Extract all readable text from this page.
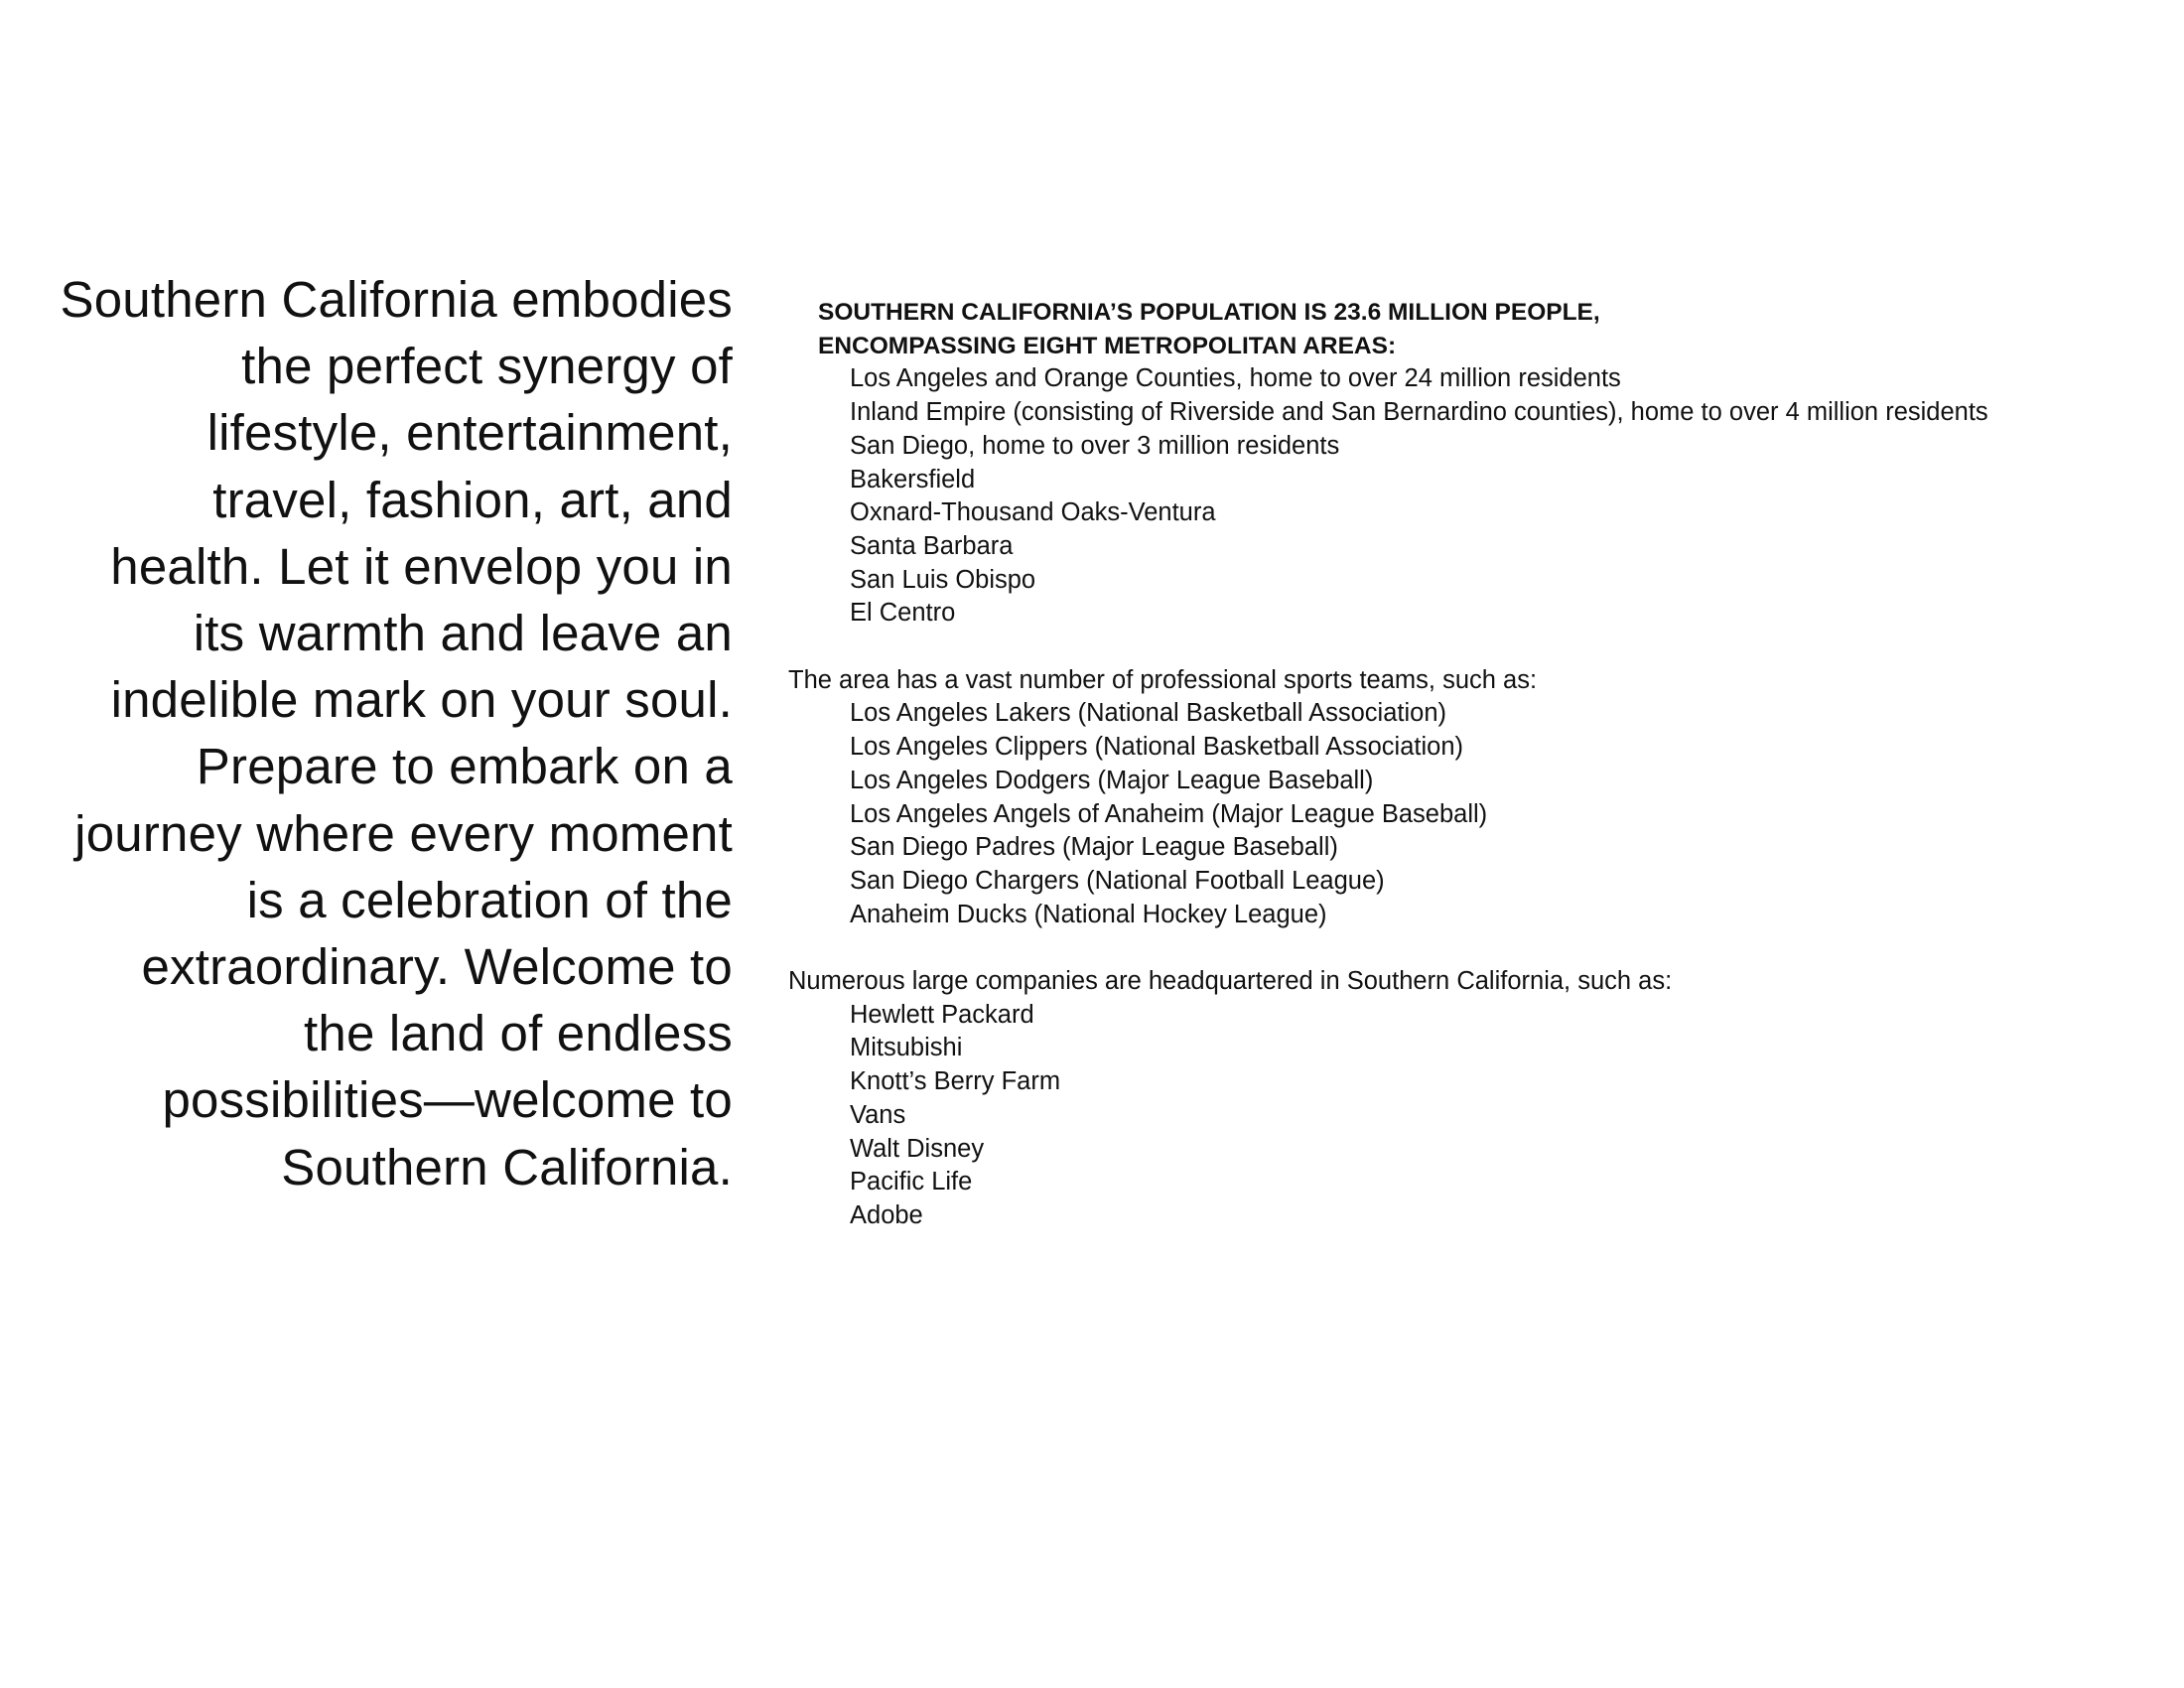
Southern California embodies the perfect synergy of lifestyle, entertainment, travel, fashion, art, and health. Let it envelop you in its warmth and leave an indelible mark on your soul. Prepare to embark on a journey where every moment is a celebration of the extraordinary. Welcome to the land of endless possibilities—welcome to Southern California.

SOUTHERN CALIFORNIA’S POPULATION IS 23.6 MILLION PEOPLE,
ENCOMPASSING EIGHT METROPOLITAN AREAS:
Los Angeles and Orange Counties, home to over 24 million residents
Inland Empire (consisting of Riverside and San Bernardino counties), home to over 4 million residents
San Diego, home to over 3 million residents
Bakersfield
Oxnard-Thousand Oaks-Ventura
Santa Barbara
San Luis Obispo
El Centro
The area has a vast number of professional sports teams, such as:
Los Angeles Lakers (National Basketball Association)
Los Angeles Clippers (National Basketball Association)
Los Angeles Dodgers (Major League Baseball)
Los Angeles Angels of Anaheim (Major League Baseball)
San Diego Padres (Major League Baseball)
San Diego Chargers (National Football League)
Anaheim Ducks (National Hockey League)
Numerous large companies are headquartered in Southern California, such as:
Hewlett Packard
Mitsubishi
Knott’s Berry Farm
Vans
Walt Disney
Pacific Life
Adobe
